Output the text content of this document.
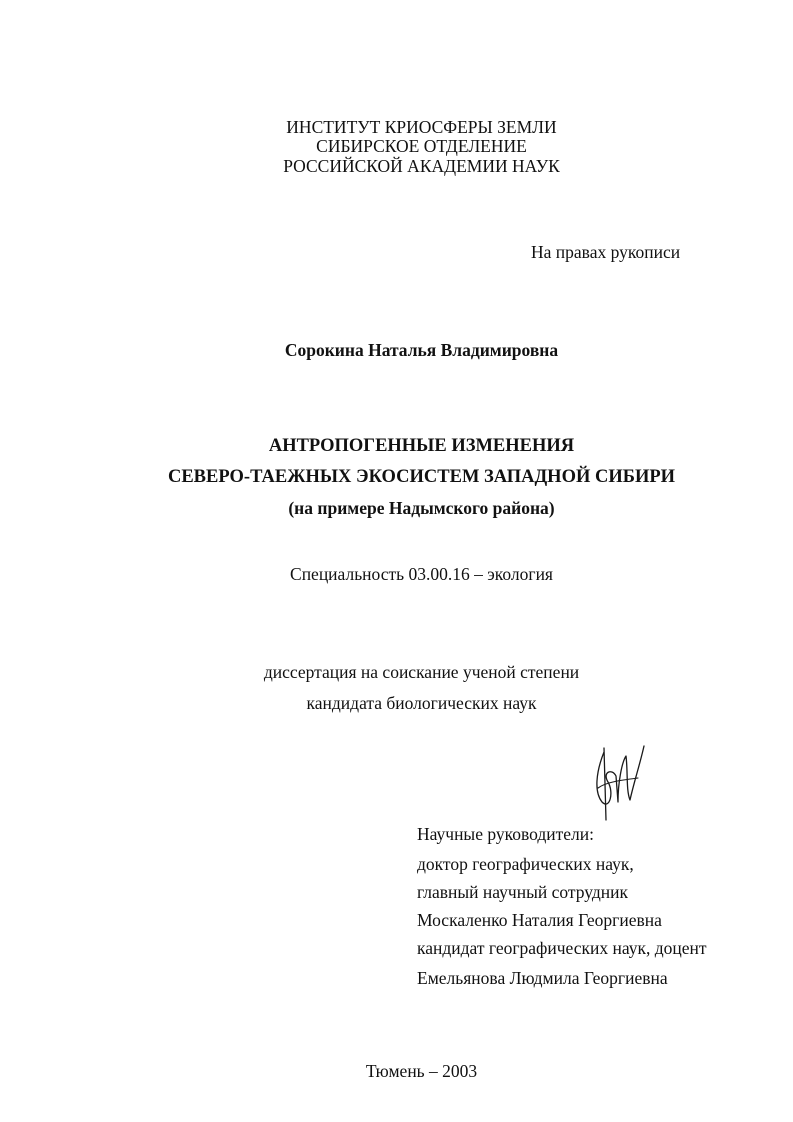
ИНСТИТУТ КРИОСФЕРЫ ЗЕМЛИ
СИБИРСКОЕ ОТДЕЛЕНИЕ
РОССИЙСКОЙ АКАДЕМИИ НАУК
На правах рукописи
Сорокина Наталья Владимировна
АНТРОПОГЕННЫЕ ИЗМЕНЕНИЯ
СЕВЕРО-ТАЕЖНЫХ ЭКОСИСТЕМ ЗАПАДНОЙ СИБИРИ
(на примере Надымского района)
Специальность 03.00.16 – экология
диссертация на соискание ученой степени
кандидата биологических наук
Научные руководители:
доктор географических наук,
главный научный сотрудник
Москаленко Наталия Георгиевна
кандидат географических наук, доцент
Емельянова Людмила Георгиевна
Тюмень – 2003
